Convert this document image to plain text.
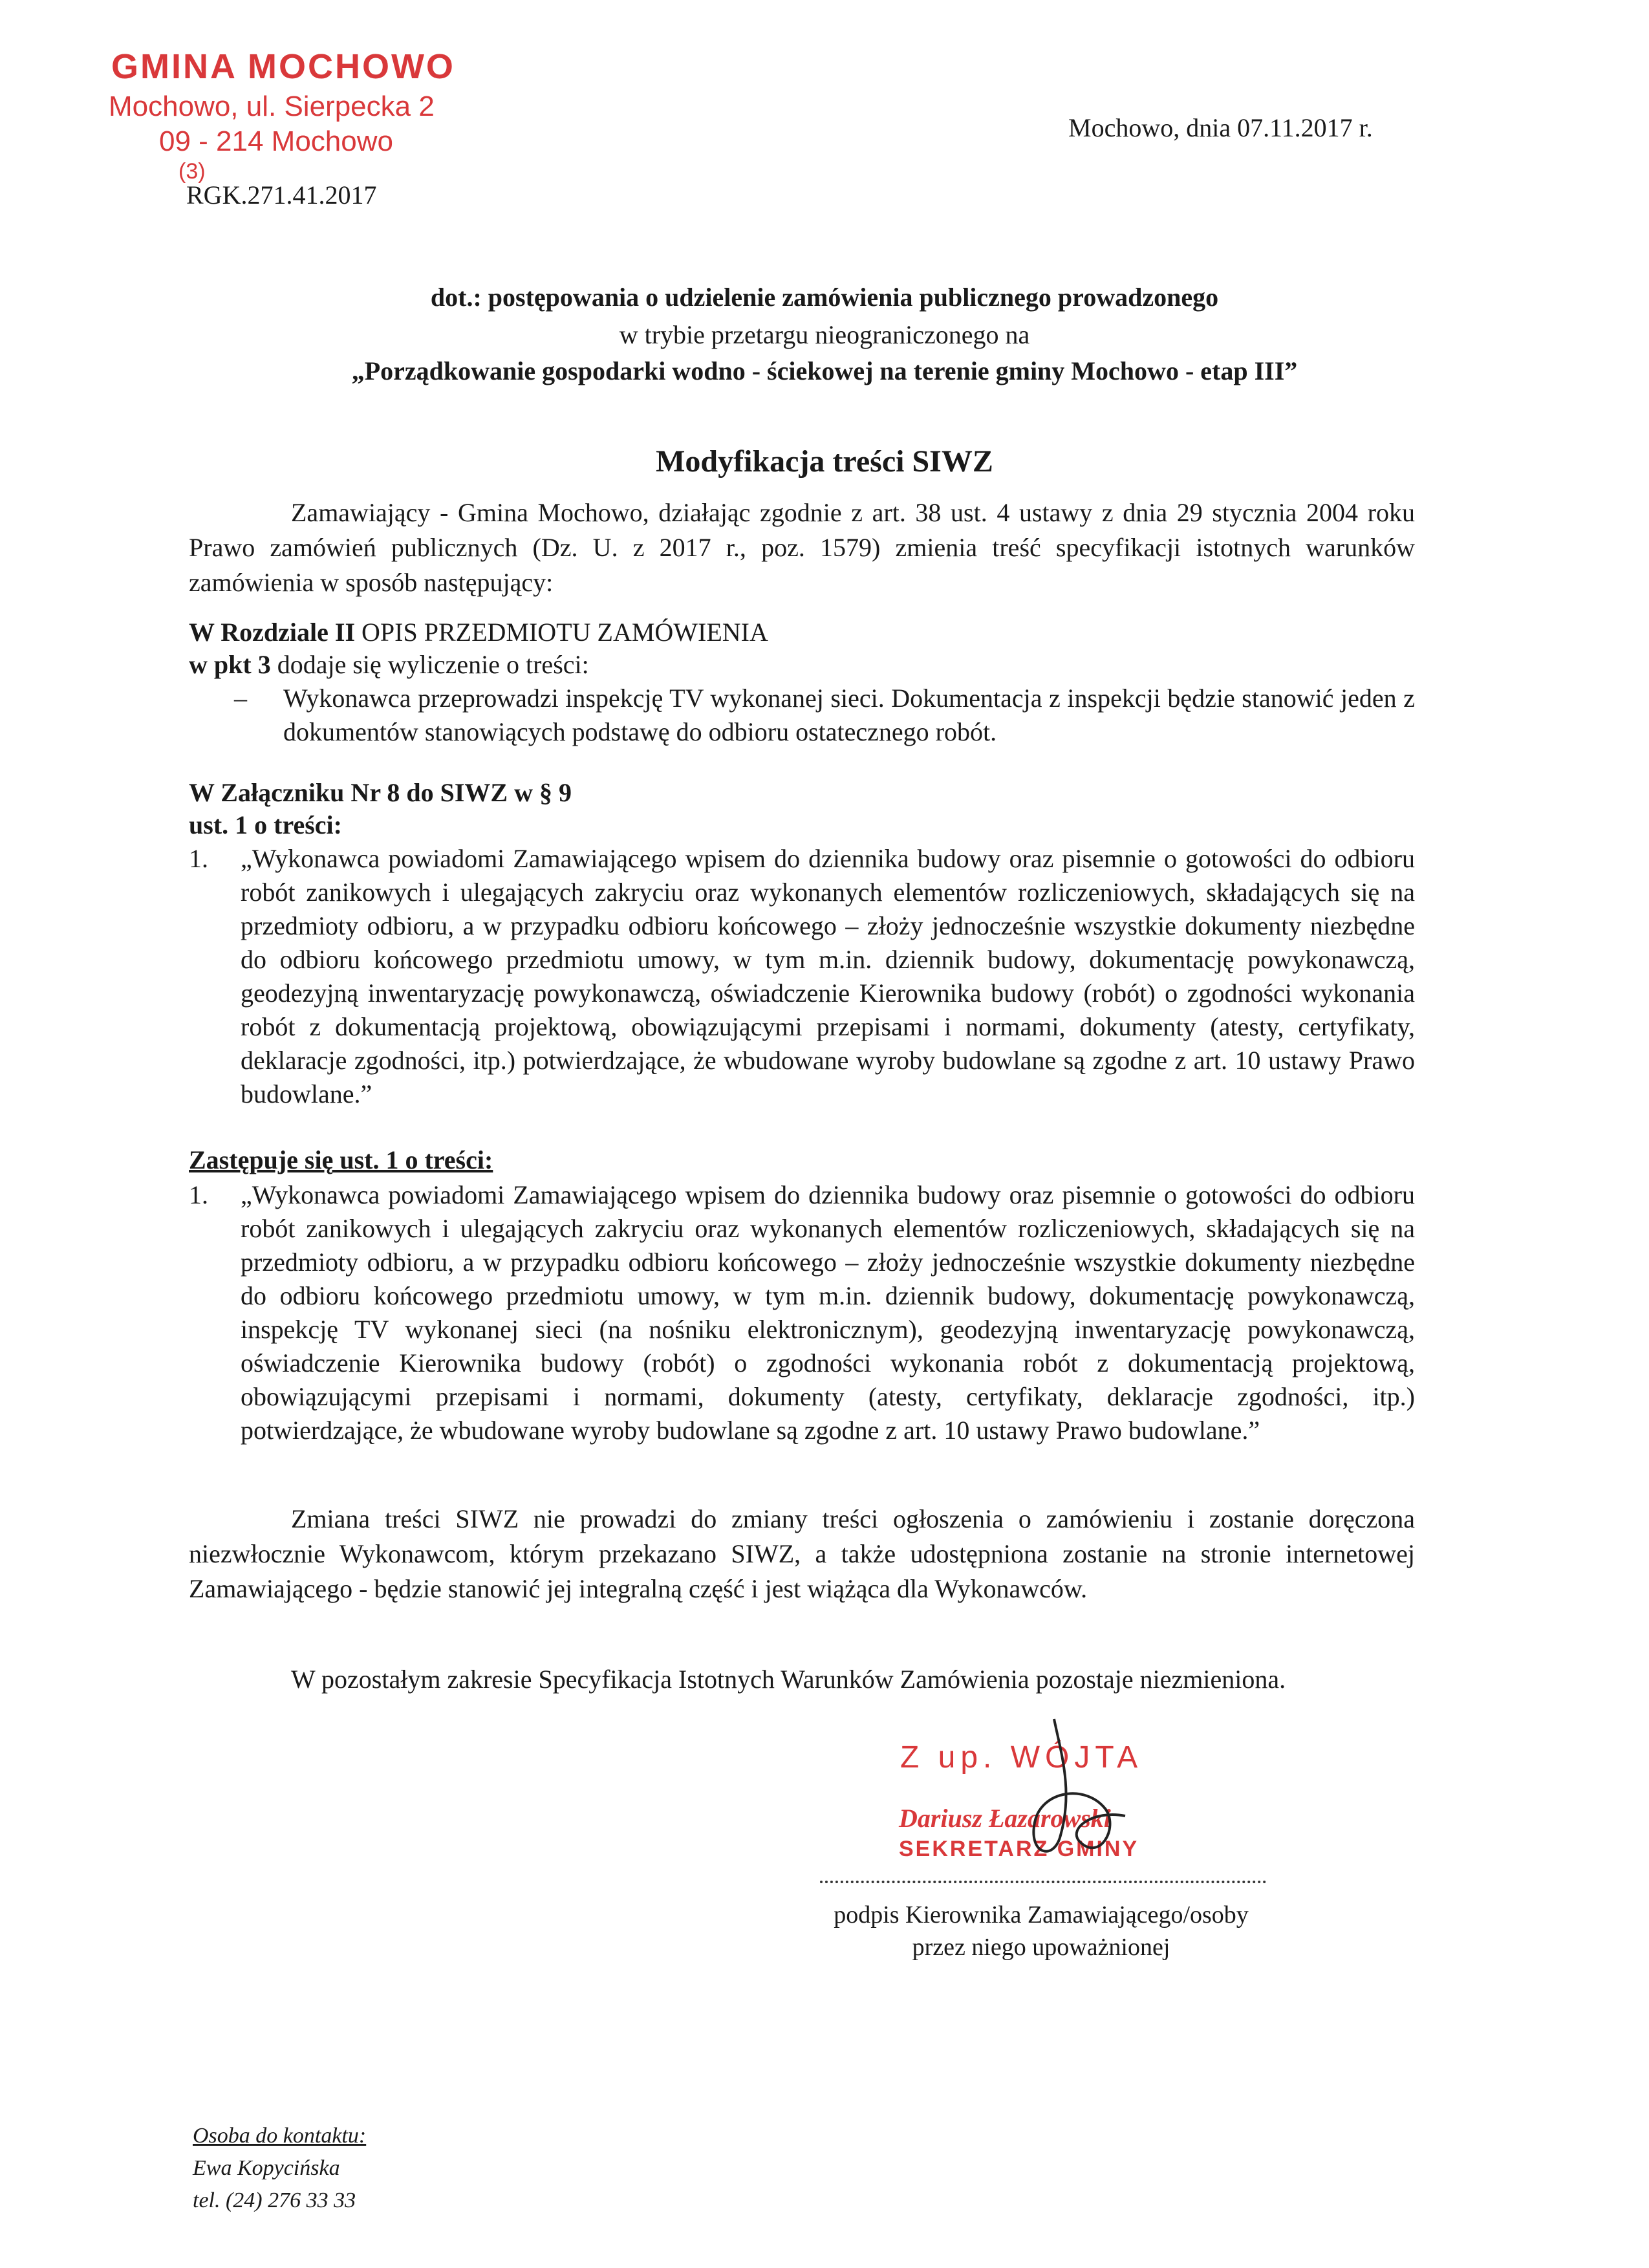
GMINA MOCHOWO
Mochowo, ul. Sierpecka 2
09 - 214 Mochowo
(3)
RGK.271.41.2017
Mochowo, dnia 07.11.2017 r.
dot.: postępowania o udzielenie zamówienia publicznego prowadzonego
w trybie przetargu nieograniczonego na
„Porządkowanie gospodarki wodno - ściekowej na terenie gminy Mochowo - etap III”
Modyfikacja treści SIWZ

Zamawiający - Gmina Mochowo, działając zgodnie z art. 38 ust. 4 ustawy z dnia 29 stycznia 2004 roku Prawo zamówień publicznych (Dz. U. z 2017 r., poz. 1579) zmienia treść specyfikacji istotnych warunków zamówienia w sposób następujący:

W Rozdziale II OPIS PRZEDMIOTU ZAMÓWIENIA
w pkt 3 dodaje się wyliczenie o treści:
– Wykonawca przeprowadzi inspekcję TV wykonanej sieci. Dokumentacja z inspekcji będzie stanowić jeden z dokumentów stanowiących podstawę do odbioru ostatecznego robót.
W Załączniku Nr 8 do SIWZ w § 9
ust. 1 o treści:
1. „Wykonawca powiadomi Zamawiającego wpisem do dziennika budowy oraz pisemnie o gotowości do odbioru robót zanikowych i ulegających zakryciu oraz wykonanych elementów rozliczeniowych, składających się na przedmioty odbioru, a w przypadku odbioru końcowego – złoży jednocześnie wszystkie dokumenty niezbędne do odbioru końcowego przedmiotu umowy, w tym m.in. dziennik budowy, dokumentację powykonawczą, geodezyjną inwentaryzację powykonawczą, oświadczenie Kierownika budowy (robót) o zgodności wykonania robót z dokumentacją projektową, obowiązującymi przepisami i normami, dokumenty (atesty, certyfikaty, deklaracje zgodności, itp.) potwierdzające, że wbudowane wyroby budowlane są zgodne z art. 10 ustawy Prawo budowlane.”
Zastępuje się ust. 1 o treści:
1. „Wykonawca powiadomi Zamawiającego wpisem do dziennika budowy oraz pisemnie o gotowości do odbioru robót zanikowych i ulegających zakryciu oraz wykonanych elementów rozliczeniowych, składających się na przedmioty odbioru, a w przypadku odbioru końcowego – złoży jednocześnie wszystkie dokumenty niezbędne do odbioru końcowego przedmiotu umowy, w tym m.in. dziennik budowy, dokumentację powykonawczą, inspekcję TV wykonanej sieci (na nośniku elektronicznym), geodezyjną inwentaryzację powykonawczą, oświadczenie Kierownika budowy (robót) o zgodności wykonania robót z dokumentacją projektową, obowiązującymi przepisami i normami, dokumenty (atesty, certyfikaty, deklaracje zgodności, itp.) potwierdzające, że wbudowane wyroby budowlane są zgodne z art. 10 ustawy Prawo budowlane.”

Zmiana treści SIWZ nie prowadzi do zmiany treści ogłoszenia o zamówieniu i zostanie doręczona niezwłocznie Wykonawcom, którym przekazano SIWZ, a także udostępniona zostanie na stronie internetowej Zamawiającego - będzie stanowić jej integralną część i jest wiążąca dla Wykonawców.

W pozostałym zakresie Specyfikacja Istotnych Warunków Zamówienia pozostaje niezmieniona.

Z up. WÓJTA
Dariusz Łazarowski
SEKRETARZ GMINY
podpis Kierownika Zamawiającego/osoby
przez niego upoważnionej
Osoba do kontaktu:
Ewa Kopycińska
tel. (24) 276 33 33
